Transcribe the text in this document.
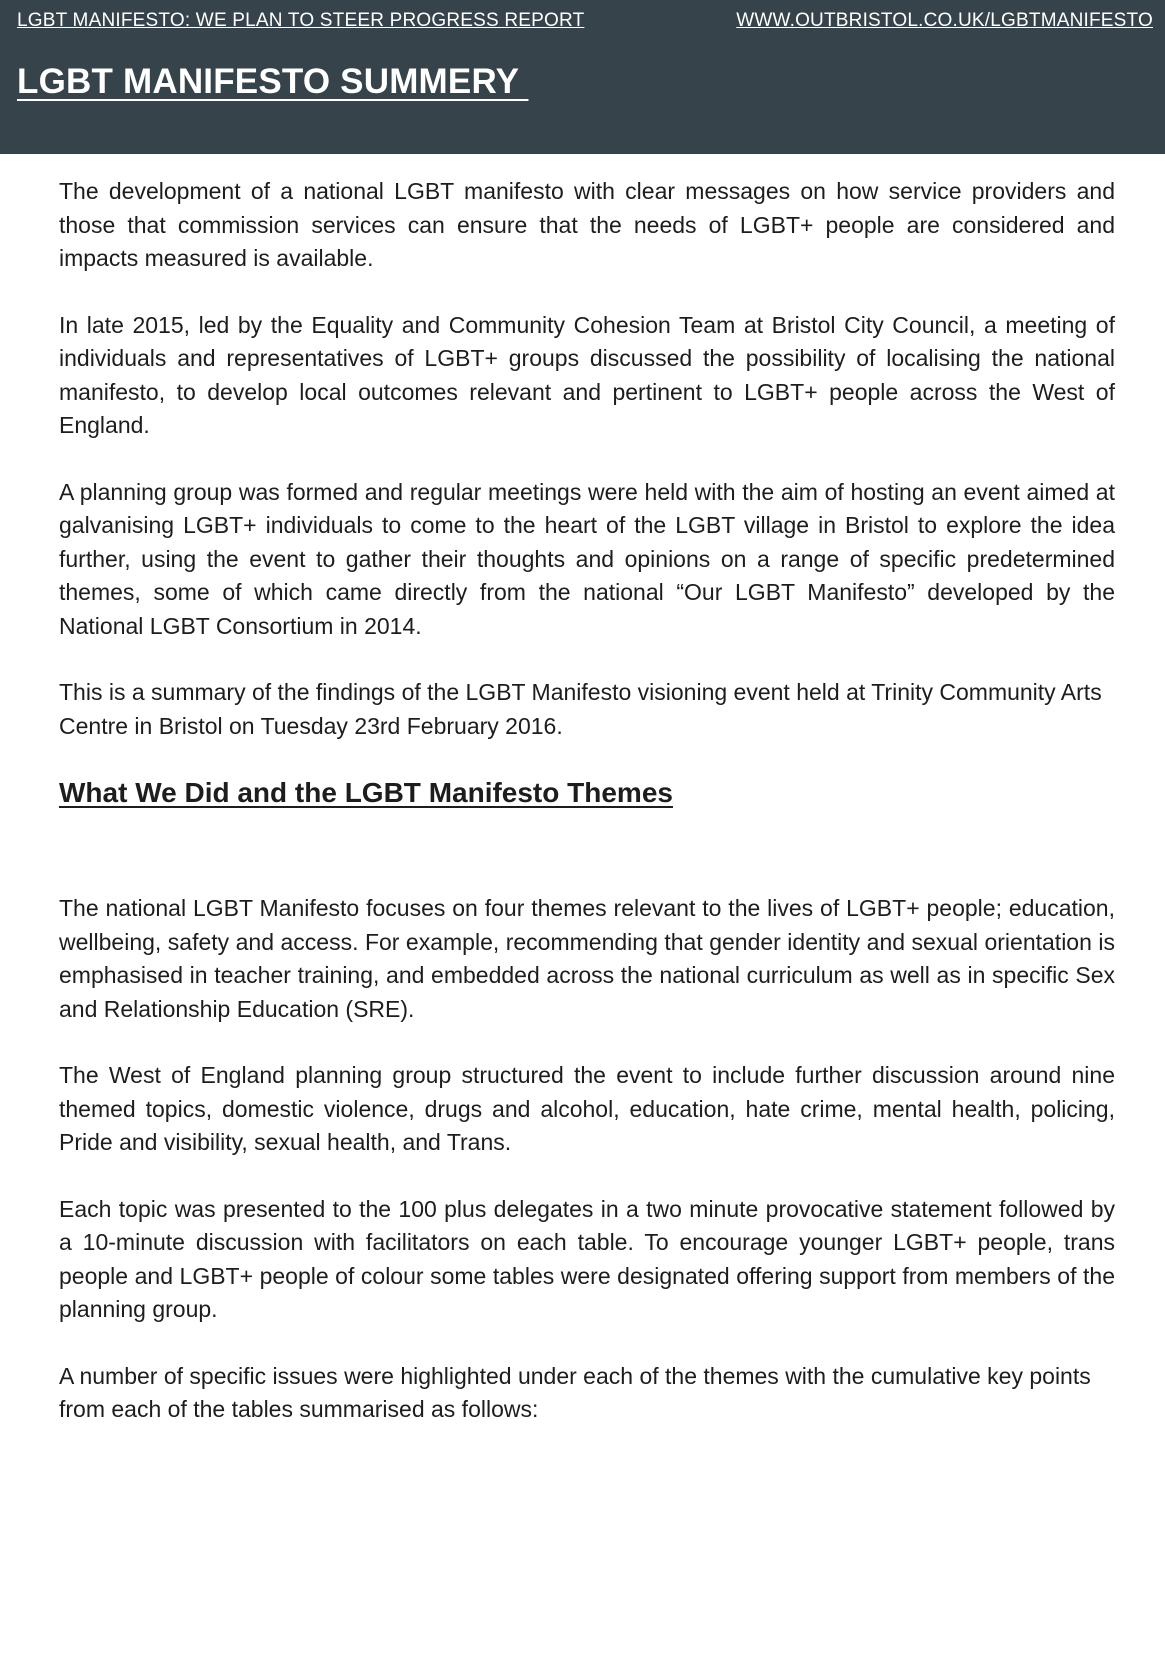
LGBT MANIFESTO: WE PLAN TO STEER PROGRESS REPORT	WWW.OUTBRISTOL.CO.UK/LGBTMANIFESTO
LGBT MANIFESTO SUMMERY

The development of a national LGBT manifesto with clear messages on how service providers and those that commission services can ensure that the needs of LGBT+ people are considered and impacts measured is available.

In late 2015, led by the Equality and Community Cohesion Team at Bristol City Council, a meeting of individuals and representatives of LGBT+ groups discussed the possibility of localising the national manifesto, to develop local outcomes relevant and pertinent to LGBT+ people across the West of England.

A planning group was formed and regular meetings were held with the aim of hosting an event aimed at galvanising LGBT+ individuals to come to the heart of the LGBT village in Bristol to explore the idea further, using the event to gather their thoughts and opinions on a range of specific predetermined themes, some of which came directly from the national “Our LGBT Manifesto” developed by the National LGBT Consortium in 2014.

This is a summary of the findings of the LGBT Manifesto visioning event held at Trinity Community Arts Centre in Bristol on Tuesday 23rd February 2016.

What We Did and the LGBT Manifesto Themes

The national LGBT Manifesto focuses on four themes relevant to the lives of LGBT+ people; education, wellbeing, safety and access. For example, recommending that gender identity and sexual orientation is emphasised in teacher training, and embedded across the national curriculum as well as in specific Sex and Relationship Education (SRE).

The West of England planning group structured the event to include further discussion around nine themed topics, domestic violence, drugs and alcohol, education, hate crime, mental health, policing, Pride and visibility, sexual health, and Trans.

Each topic was presented to the 100 plus delegates in a two minute provocative statement followed by a 10-minute discussion with facilitators on each table. To encourage younger LGBT+ people, trans people and LGBT+ people of colour some tables were designated offering support from members of the planning group.

A number of specific issues were highlighted under each of the themes with the cumulative key points from each of the tables summarised as follows:
